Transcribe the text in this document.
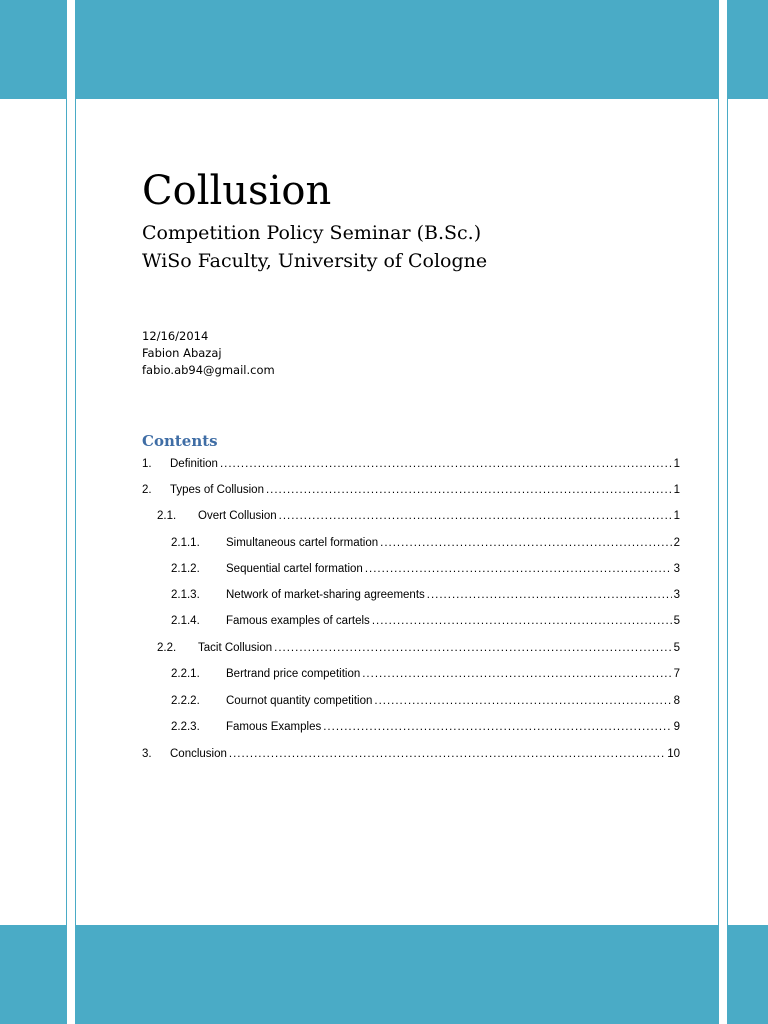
Collusion
Competition Policy Seminar (B.Sc.)
WiSo Faculty, University of Cologne
12/16/2014
Fabion Abazaj
fabio.ab94@gmail.com
Contents
1.	Definition .....	1
2.	Types of Collusion .....	1
2.1.	Overt Collusion .....	1
2.1.1.	Simultaneous cartel formation .....	2
2.1.2.	Sequential cartel formation .....	3
2.1.3.	Network of market-sharing agreements .....	3
2.1.4.	Famous examples of cartels .....	5
2.2.	Tacit Collusion .....	5
2.2.1.	Bertrand price competition .....	7
2.2.2.	Cournot quantity competition .....	8
2.2.3.	Famous Examples .....	9
3.	Conclusion .....	10
